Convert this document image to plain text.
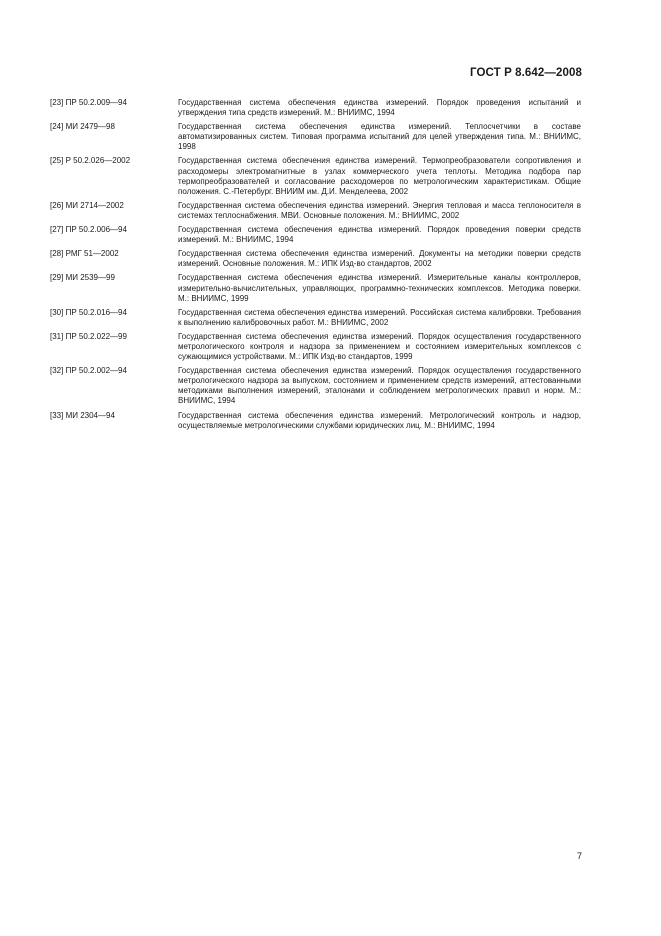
ГОСТ Р 8.642—2008
[23] ПР 50.2.009—94	Государственная система обеспечения единства измерений. Порядок проведения испытаний и утверждения типа средств измерений. М.: ВНИИМС, 1994
[24] МИ 2479—98	Государственная система обеспечения единства измерений. Теплосчетчики в составе автоматизированных систем. Типовая программа испытаний для целей утверждения типа. М.: ВНИИМС, 1998
[25] Р 50.2.026—2002	Государственная система обеспечения единства измерений. Термопреобразователи сопротивления и расходомеры электромагнитные в узлах коммерческого учета теплоты. Методика подбора пар термопреобразователей и согласование расходомеров по метрологическим характеристикам. Общие положения. С.-Петербург. ВНИИМ им. Д.И. Менделеева, 2002
[26] МИ 2714—2002	Государственная система обеспечения единства измерений. Энергия тепловая и масса теплоносителя в системах теплоснабжения. МВИ. Основные положения. М.: ВНИИМС, 2002
[27] ПР 50.2.006—94	Государственная система обеспечения единства измерений. Порядок проведения поверки средств измерений. М.: ВНИИМС, 1994
[28] РМГ 51—2002	Государственная система обеспечения единства измерений. Документы на методики поверки средств измерений. Основные положения. М.: ИПК Изд-во стандартов, 2002
[29] МИ 2539—99	Государственная система обеспечения единства измерений. Измерительные каналы контроллеров, измерительно-вычислительных, управляющих, программно-технических комплексов. Методика поверки. М.: ВНИИМС, 1999
[30] ПР 50.2.016—94	Государственная система обеспечения единства измерений. Российская система калибровки. Требования к выполнению калибровочных работ. М.: ВНИИМС, 2002
[31] ПР 50.2.022—99	Государственная система обеспечения единства измерений. Порядок осуществления государственного метрологического контроля и надзора за применением и состоянием измерительных комплексов с сужающимися устройствами. М.: ИПК Изд-во стандартов, 1999
[32] ПР 50.2.002—94	Государственная система обеспечения единства измерений. Порядок осуществления государственного метрологического надзора за выпуском, состоянием и применением средств измерений, аттестованными методиками выполнения измерений, эталонами и соблюдением метрологических правил и норм. М.: ВНИИМС, 1994
[33] МИ 2304—94	Государственная система обеспечения единства измерений. Метрологический контроль и надзор, осуществляемые метрологическими службами юридических лиц. М.: ВНИИМС, 1994
7
